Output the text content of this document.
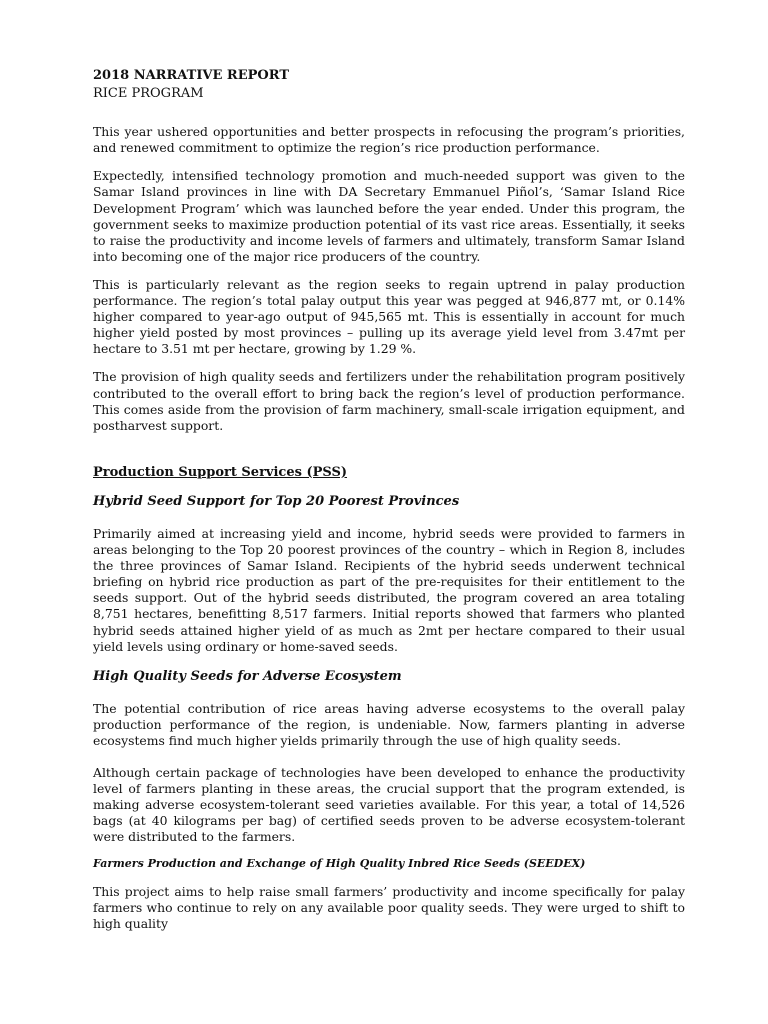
2018 NARRATIVE REPORT
RICE PROGRAM

This year ushered opportunities and better prospects in refocusing the program’s priorities, and renewed commitment to optimize the region’s rice production performance.

Expectedly, intensified technology promotion and much-needed support was given to the Samar Island provinces in line with DA Secretary Emmanuel Piñol’s, ‘Samar Island Rice Development Program’ which was launched before the year ended. Under this program, the government seeks to maximize production potential of its vast rice areas. Essentially, it seeks to raise the productivity and income levels of farmers and ultimately, transform Samar Island into becoming one of the major rice producers of the country.

This is particularly relevant as the region seeks to regain uptrend in palay production performance. The region’s total palay output this year was pegged at 946,877 mt, or 0.14% higher compared to year-ago output of 945,565 mt. This is essentially in account for much higher yield posted by most provinces – pulling up its average yield level from 3.47mt per hectare to 3.51 mt per hectare, growing by 1.29 %.

The provision of high quality seeds and fertilizers under the rehabilitation program positively contributed to the overall effort to bring back the region’s level of production performance. This comes aside from the provision of farm machinery, small-scale irrigation equipment, and postharvest support.

Production Support Services (PSS)
Hybrid Seed Support for Top 20 Poorest Provinces

Primarily aimed at increasing yield and income, hybrid seeds were provided to farmers in areas belonging to the Top 20 poorest provinces of the country – which in Region 8, includes the three provinces of Samar Island. Recipients of the hybrid seeds underwent technical briefing on hybrid rice production as part of the pre-requisites for their entitlement to the seeds support. Out of the hybrid seeds distributed, the program covered an area totaling 8,751 hectares, benefitting 8,517 farmers. Initial reports showed that farmers who planted hybrid seeds attained higher yield of as much as 2mt per hectare compared to their usual yield levels using ordinary or home-saved seeds.

High Quality Seeds for Adverse Ecosystem

The potential contribution of rice areas having adverse ecosystems to the overall palay production performance of the region, is undeniable. Now, farmers planting in adverse ecosystems find much higher yields primarily through the use of high quality seeds.

Although certain package of technologies have been developed to enhance the productivity level of farmers planting in these areas, the crucial support that the program extended, is making adverse ecosystem-tolerant seed varieties available. For this year, a total of 14,526 bags (at 40 kilograms per bag) of certified seeds proven to be adverse ecosystem-tolerant were distributed to the farmers.

Farmers Production and Exchange of High Quality Inbred Rice Seeds (SEEDEX)

This project aims to help raise small farmers’ productivity and income specifically for palay farmers who continue to rely on any available poor quality seeds. They were urged to shift to high quality
